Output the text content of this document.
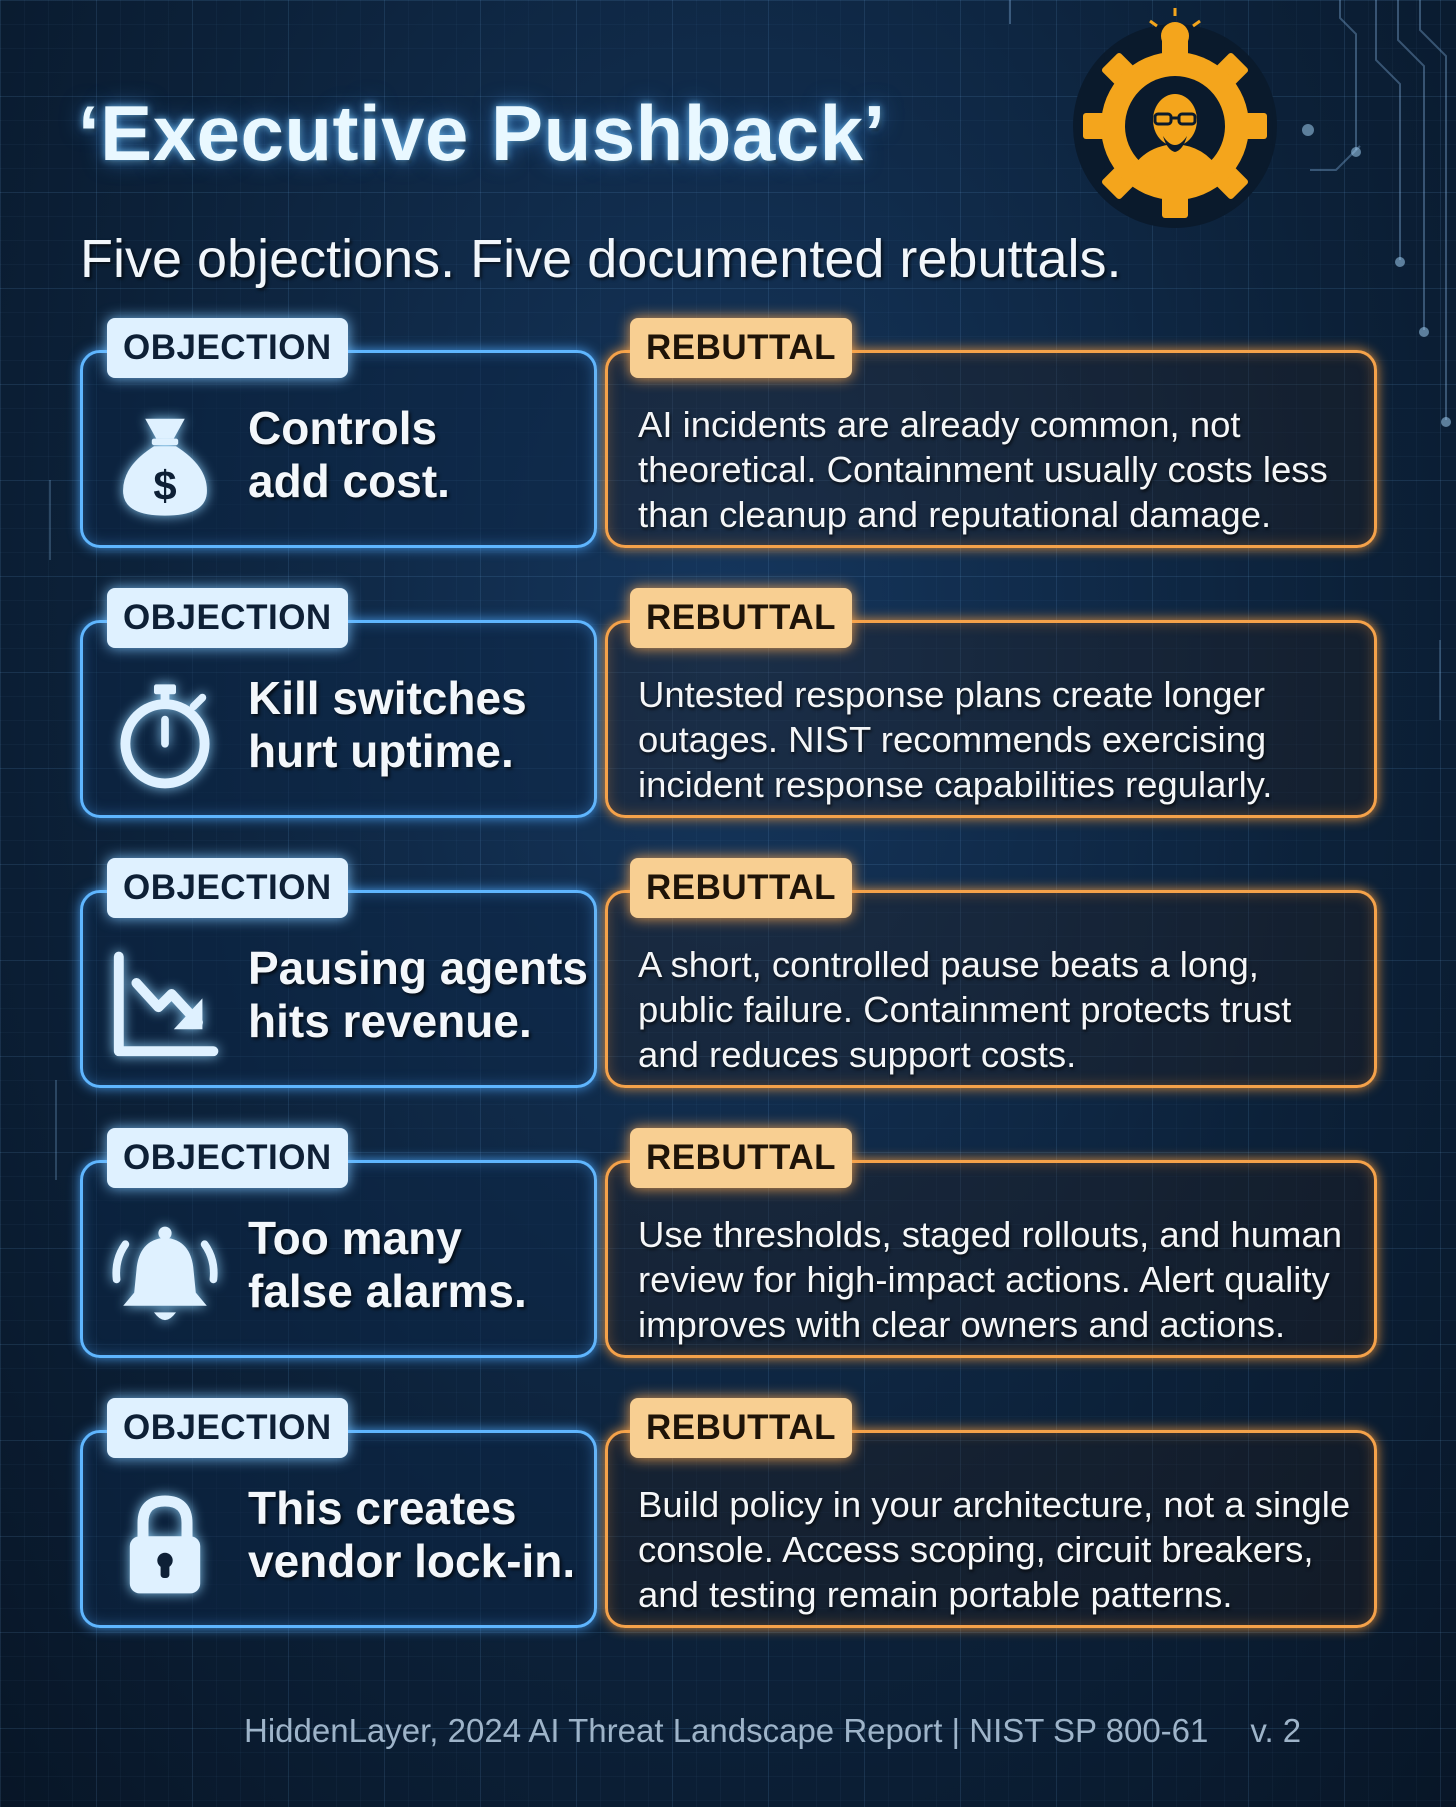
‘Executive Pushback’
Five objections. Five documented rebuttals.
OBJECTION	REBUTTAL
$
Controls
add cost.
AI incidents are already common, not
theoretical. Containment usually costs less
than cleanup and reputational damage.
OBJECTION	REBUTTAL
Kill switches
hurt uptime.
Untested response plans create longer
outages. NIST recommends exercising
incident response capabilities regularly.
OBJECTION	REBUTTAL
Pausing agents
hits revenue.
A short, controlled pause beats a long,
public failure. Containment protects trust
and reduces support costs.
OBJECTION	REBUTTAL
Too many
false alarms.
Use thresholds, staged rollouts, and human
review for high-impact actions. Alert quality
improves with clear owners and actions.
OBJECTION	REBUTTAL
This creates
vendor lock-in.
Build policy in your architecture, not a single
console. Access scoping, circuit breakers,
and testing remain portable patterns.
HiddenLayer, 2024 AI Threat Landscape Report | NIST SP 800-61 v. 2
